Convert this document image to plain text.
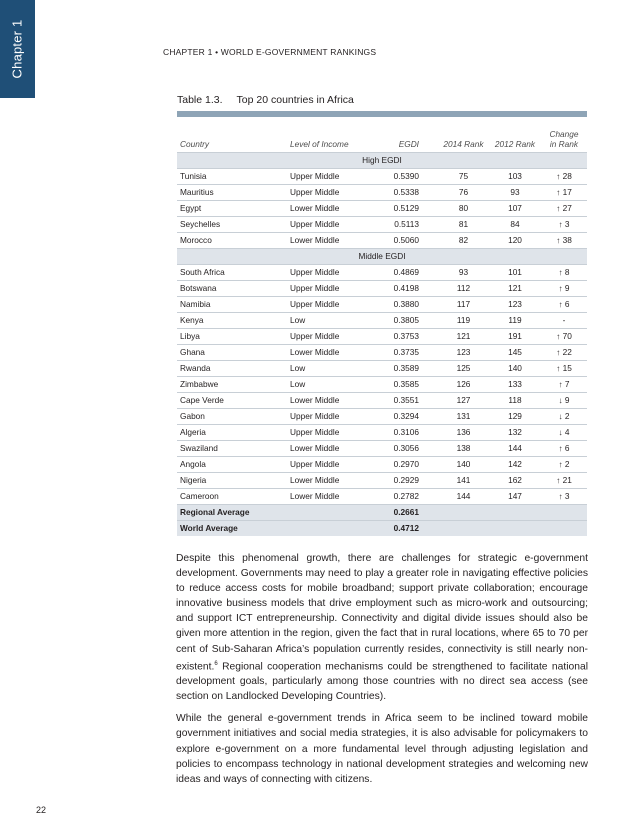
Chapter 1	CHAPTER 1 • WORLD E-GOVERNMENT RANKINGS
Table 1.3. Top 20 countries in Africa
Country	Level of Income	EGDI	2014 Rank	2012 Rank	Change
in Rank
High EGDI					
Tunisia	Upper Middle	0.5390	75	103	↑ 28
Mauritius	Upper Middle	0.5338	76	93	↑ 17
Egypt	Lower Middle	0.5129	80	107	↑ 27
Seychelles	Upper Middle	0.5113	81	84	↑ 3
Morocco	Lower Middle	0.5060	82	120	↑ 38
Middle EGDI					
South Africa	Upper Middle	0.4869	93	101	↑ 8
Botswana	Upper Middle	0.4198	112	121	↑ 9
Namibia	Upper Middle	0.3880	117	123	↑ 6
Kenya	Low	0.3805	119	119	-
Libya	Upper Middle	0.3753	121	191	↑ 70
Ghana	Lower Middle	0.3735	123	145	↑ 22
Rwanda	Low	0.3589	125	140	↑ 15
Zimbabwe	Low	0.3585	126	133	↑ 7
Cape Verde	Lower Middle	0.3551	127	118	↓ 9
Gabon	Upper Middle	0.3294	131	129	↓ 2
Algeria	Upper Middle	0.3106	136	132	↓ 4
Swaziland	Lower Middle	0.3056	138	144	↑ 6
Angola	Upper Middle	0.2970	140	142	↑ 2
Nigeria	Lower Middle	0.2929	141	162	↑ 21
Cameroon	Lower Middle	0.2782	144	147	↑ 3
Regional Average		0.2661			
World Average		0.4712			

Despite this phenomenal growth, there are challenges for strategic e-government development. Governments may need to play a greater role in navigating effective policies to reduce access costs for mobile broadband; support private collaboration; encourage innovative business models that drive employment such as micro-work and outsourcing; and support ICT entrepreneurship. Connectivity and digital divide issues should also be given more attention in the region, given the fact that in rural locations, where 65 to 70 per cent of Sub-Saharan Africa’s population currently resides, connectivity is still nearly non-existent.$^6$ Regional cooperation mechanisms could be strengthened to facilitate national development goals, particularly among those countries with no direct sea access (see section on Landlocked Developing Countries).

While the general e-government trends in Africa seem to be inclined toward mobile government initiatives and social media strategies, it is also advisable for policymakers to explore e-government on a more fundamental level through adjusting legislation and policies to encompass technology in national development strategies and welcoming new ideas and ways of connecting with citizens.

22
